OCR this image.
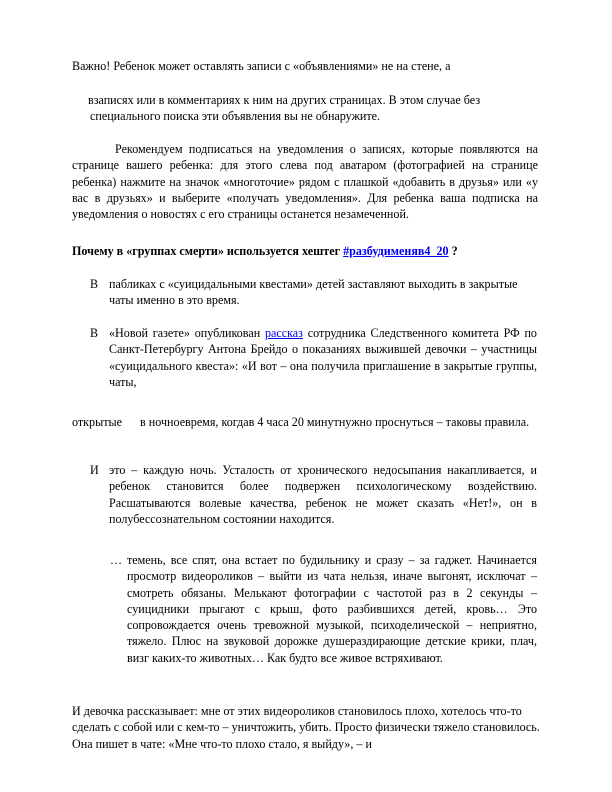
Важно! Ребенок может оставлять записи с «объявлениями» не на стене, а

взаписях или в комментариях к ним на других страницах. В этом случае без специального поиска эти объявления вы не обнаружите.

Рекомендуем подписаться на уведомления о записях, которые появляются на странице вашего ребенка: для этого слева под аватаром (фотографией на странице ребенка) нажмите на значок «многоточие» рядом с плашкой «добавить в друзья» или «у вас в друзьях» и выберите «получать уведомления». Для ребенка ваша подписка на уведомления о новостях с его страницы останется незамеченной.

Почему в «группах смерти» используется хештег #разбудименяв4_20 ?

В пабликах с «суицидальными квестами» детей заставляют выходить в закрытые чаты именно в это время.

В «Новой газете» опубликован рассказ сотрудника Следственного комитета РФ по Санкт-Петербургу Антона Брейдо о показаниях выжившей девочки – участницы «суицидального квеста»: «И вот – она получила приглашение в закрытые группы, чаты,

открытые в ночноевремя, когдав 4 часа 20 минутнужно проснуться – таковы правила.

И это – каждую ночь. Усталость от хронического недосыпания накапливается, и ребенок становится более подвержен психологическому воздействию. Расшатываются волевые качества, ребенок не может сказать «Нет!», он в полубессознательном состоянии находится.

… темень, все спят, она встает по будильнику и сразу – за гаджет. Начинается просмотр видеороликов – выйти из чата нельзя, иначе выгонят, исключат – смотреть обязаны. Мелькают фотографии с частотой раз в 2 секунды – суицидники прыгают с крыш, фото разбившихся детей, кровь… Это сопровождается очень тревожной музыкой, психоделической – неприятно, тяжело. Плюс на звуковой дорожке душераздирающие детские крики, плач, визг каких-то животных… Как будто все живое встряхивают.

И девочка рассказывает: мне от этих видеороликов становилось плохо, хотелось что-то сделать с собой или с кем-то – уничтожить, убить. Просто физически тяжело становилось. Она пишет в чате: «Мне что-то плохо стало, я выйду», – и
